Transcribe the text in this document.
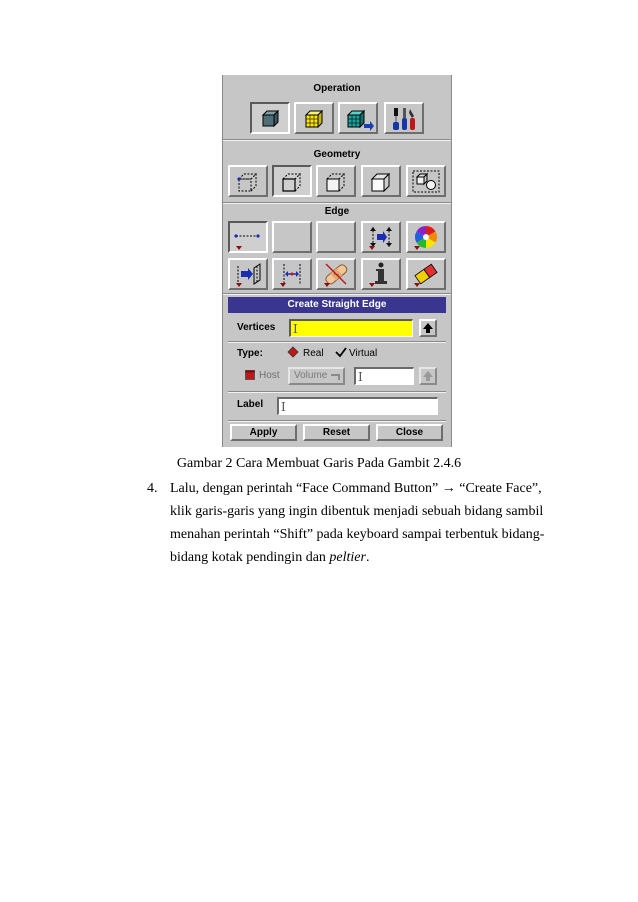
Operation
Geometry
Edge
Create Straight Edge
Vertices I
Type:	Real	Virtual
Host Volume	I
Label I
Apply	Reset	Close
Gambar 2 Cara Membuat Garis Pada Gambit 2.4.6
4. Lalu, dengan perintah “Face Command Button” → “Create Face”,
klik garis-garis yang ingin dibentuk menjadi sebuah bidang sambil
menahan perintah “Shift” pada keyboard sampai terbentuk bidang-
bidang kotak pendingin dan peltier.
